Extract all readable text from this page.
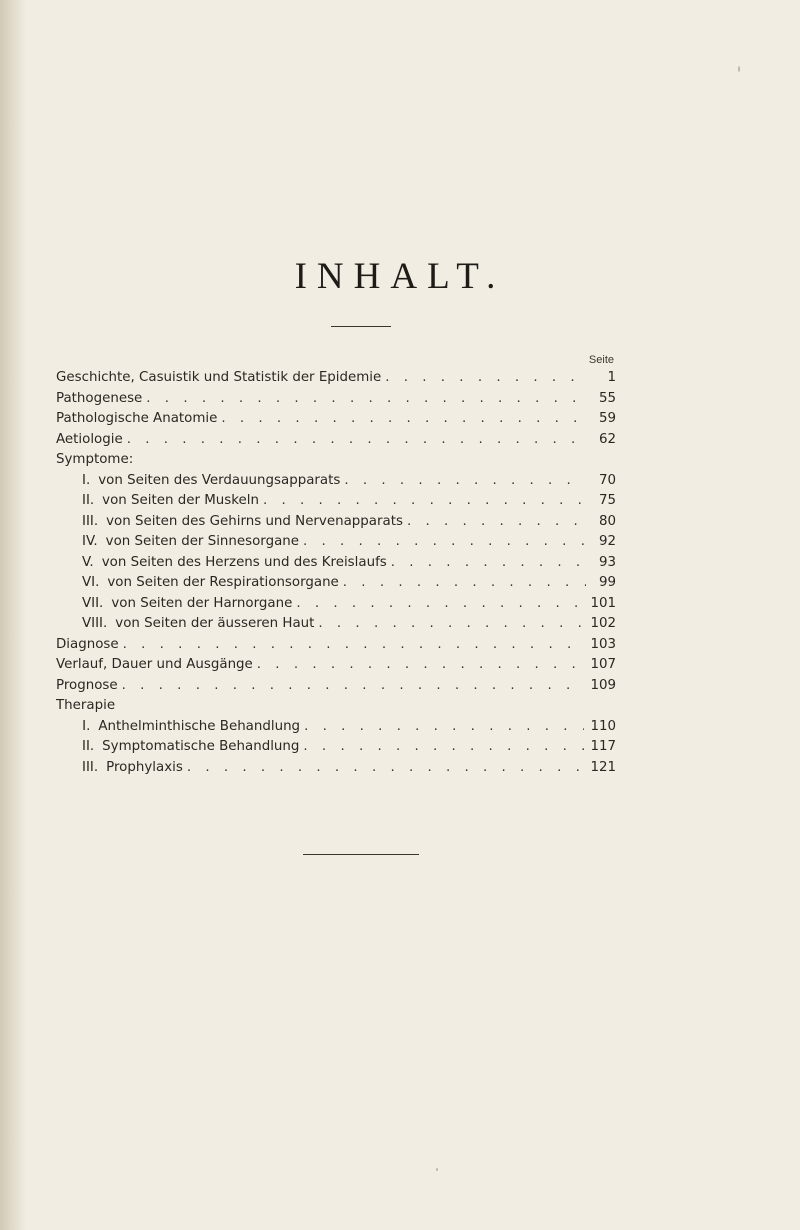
INHALT.
Seite
Geschichte, Casuistik und Statistik der Epidemie . . .	1
Pathogenese . . .	55
Pathologische Anatomie . . .	59
Aetiologie . . .	62
Symptome:
I. von Seiten des Verdauungsapparats . . .	70
II. von Seiten der Muskeln . . .	75
III. von Seiten des Gehirns und Nervenapparats . . .	80
IV. von Seiten der Sinnesorgane . . .	92
V. von Seiten des Herzens und des Kreislaufs . . .	93
VI. von Seiten der Respirationsorgane . . .	99
VII. von Seiten der Harnorgane . . .	101
VIII. von Seiten der äusseren Haut . . .	102
Diagnose . . .	103
Verlauf, Dauer und Ausgänge . . .	107
Prognose . . .	109
Therapie
I. Anthelminthische Behandlung . . .	110
II. Symptomatische Behandlung . . .	117
III. Prophylaxis . . .	121
